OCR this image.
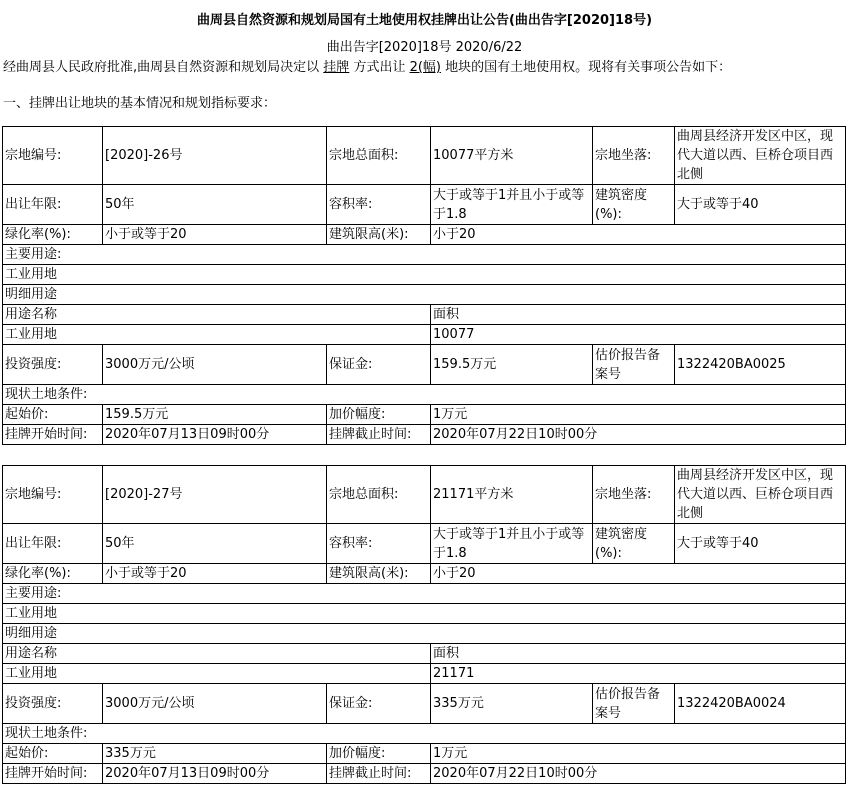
曲周县自然资源和规划局国有土地使用权挂牌出让公告(曲出告字[2020]18号)
曲出告字[2020]18号 2020/6/22
经曲周县人民政府批准,曲周县自然资源和规划局决定以 挂牌 方式出让 2(幅) 地块的国有土地使用权。现将有关事项公告如下：
一、挂牌出让地块的基本情况和规划指标要求：
宗地编号:	[2020]-26号	宗地总面积:	10077平方米	宗地坐落:	曲周县经济开发区中区，现代大道以西、巨桥仓项目西北侧
出让年限:	50年	容积率:	大于或等于1并且小于或等于1.8	建筑密度(%):	大于或等于40
绿化率(%):	小于或等于20	建筑限高(米):	小于20		
主要用途:					
工业用地					
明细用途					
用途名称			面积		
工业用地			10077		
投资强度:	3000万元/公顷	保证金:	159.5万元	估价报告备案号	1322420BA0025
现状土地条件:					
起始价:	159.5万元	加价幅度:	1万元		
挂牌开始时间:	2020年07月13日09时00分	挂牌截止时间:	2020年07月22日10时00分		
宗地编号:	[2020]-27号	宗地总面积:	21171平方米	宗地坐落:	曲周县经济开发区中区，现代大道以西、巨桥仓项目西北侧
出让年限:	50年	容积率:	大于或等于1并且小于或等于1.8	建筑密度(%):	大于或等于40
绿化率(%):	小于或等于20	建筑限高(米):	小于20		
主要用途:					
工业用地					
明细用途					
用途名称			面积		
工业用地			21171		
投资强度:	3000万元/公顷	保证金:	335万元	估价报告备案号	1322420BA0024
现状土地条件:					
起始价:	335万元	加价幅度:	1万元		
挂牌开始时间:	2020年07月13日09时00分	挂牌截止时间:	2020年07月22日10时00分		
